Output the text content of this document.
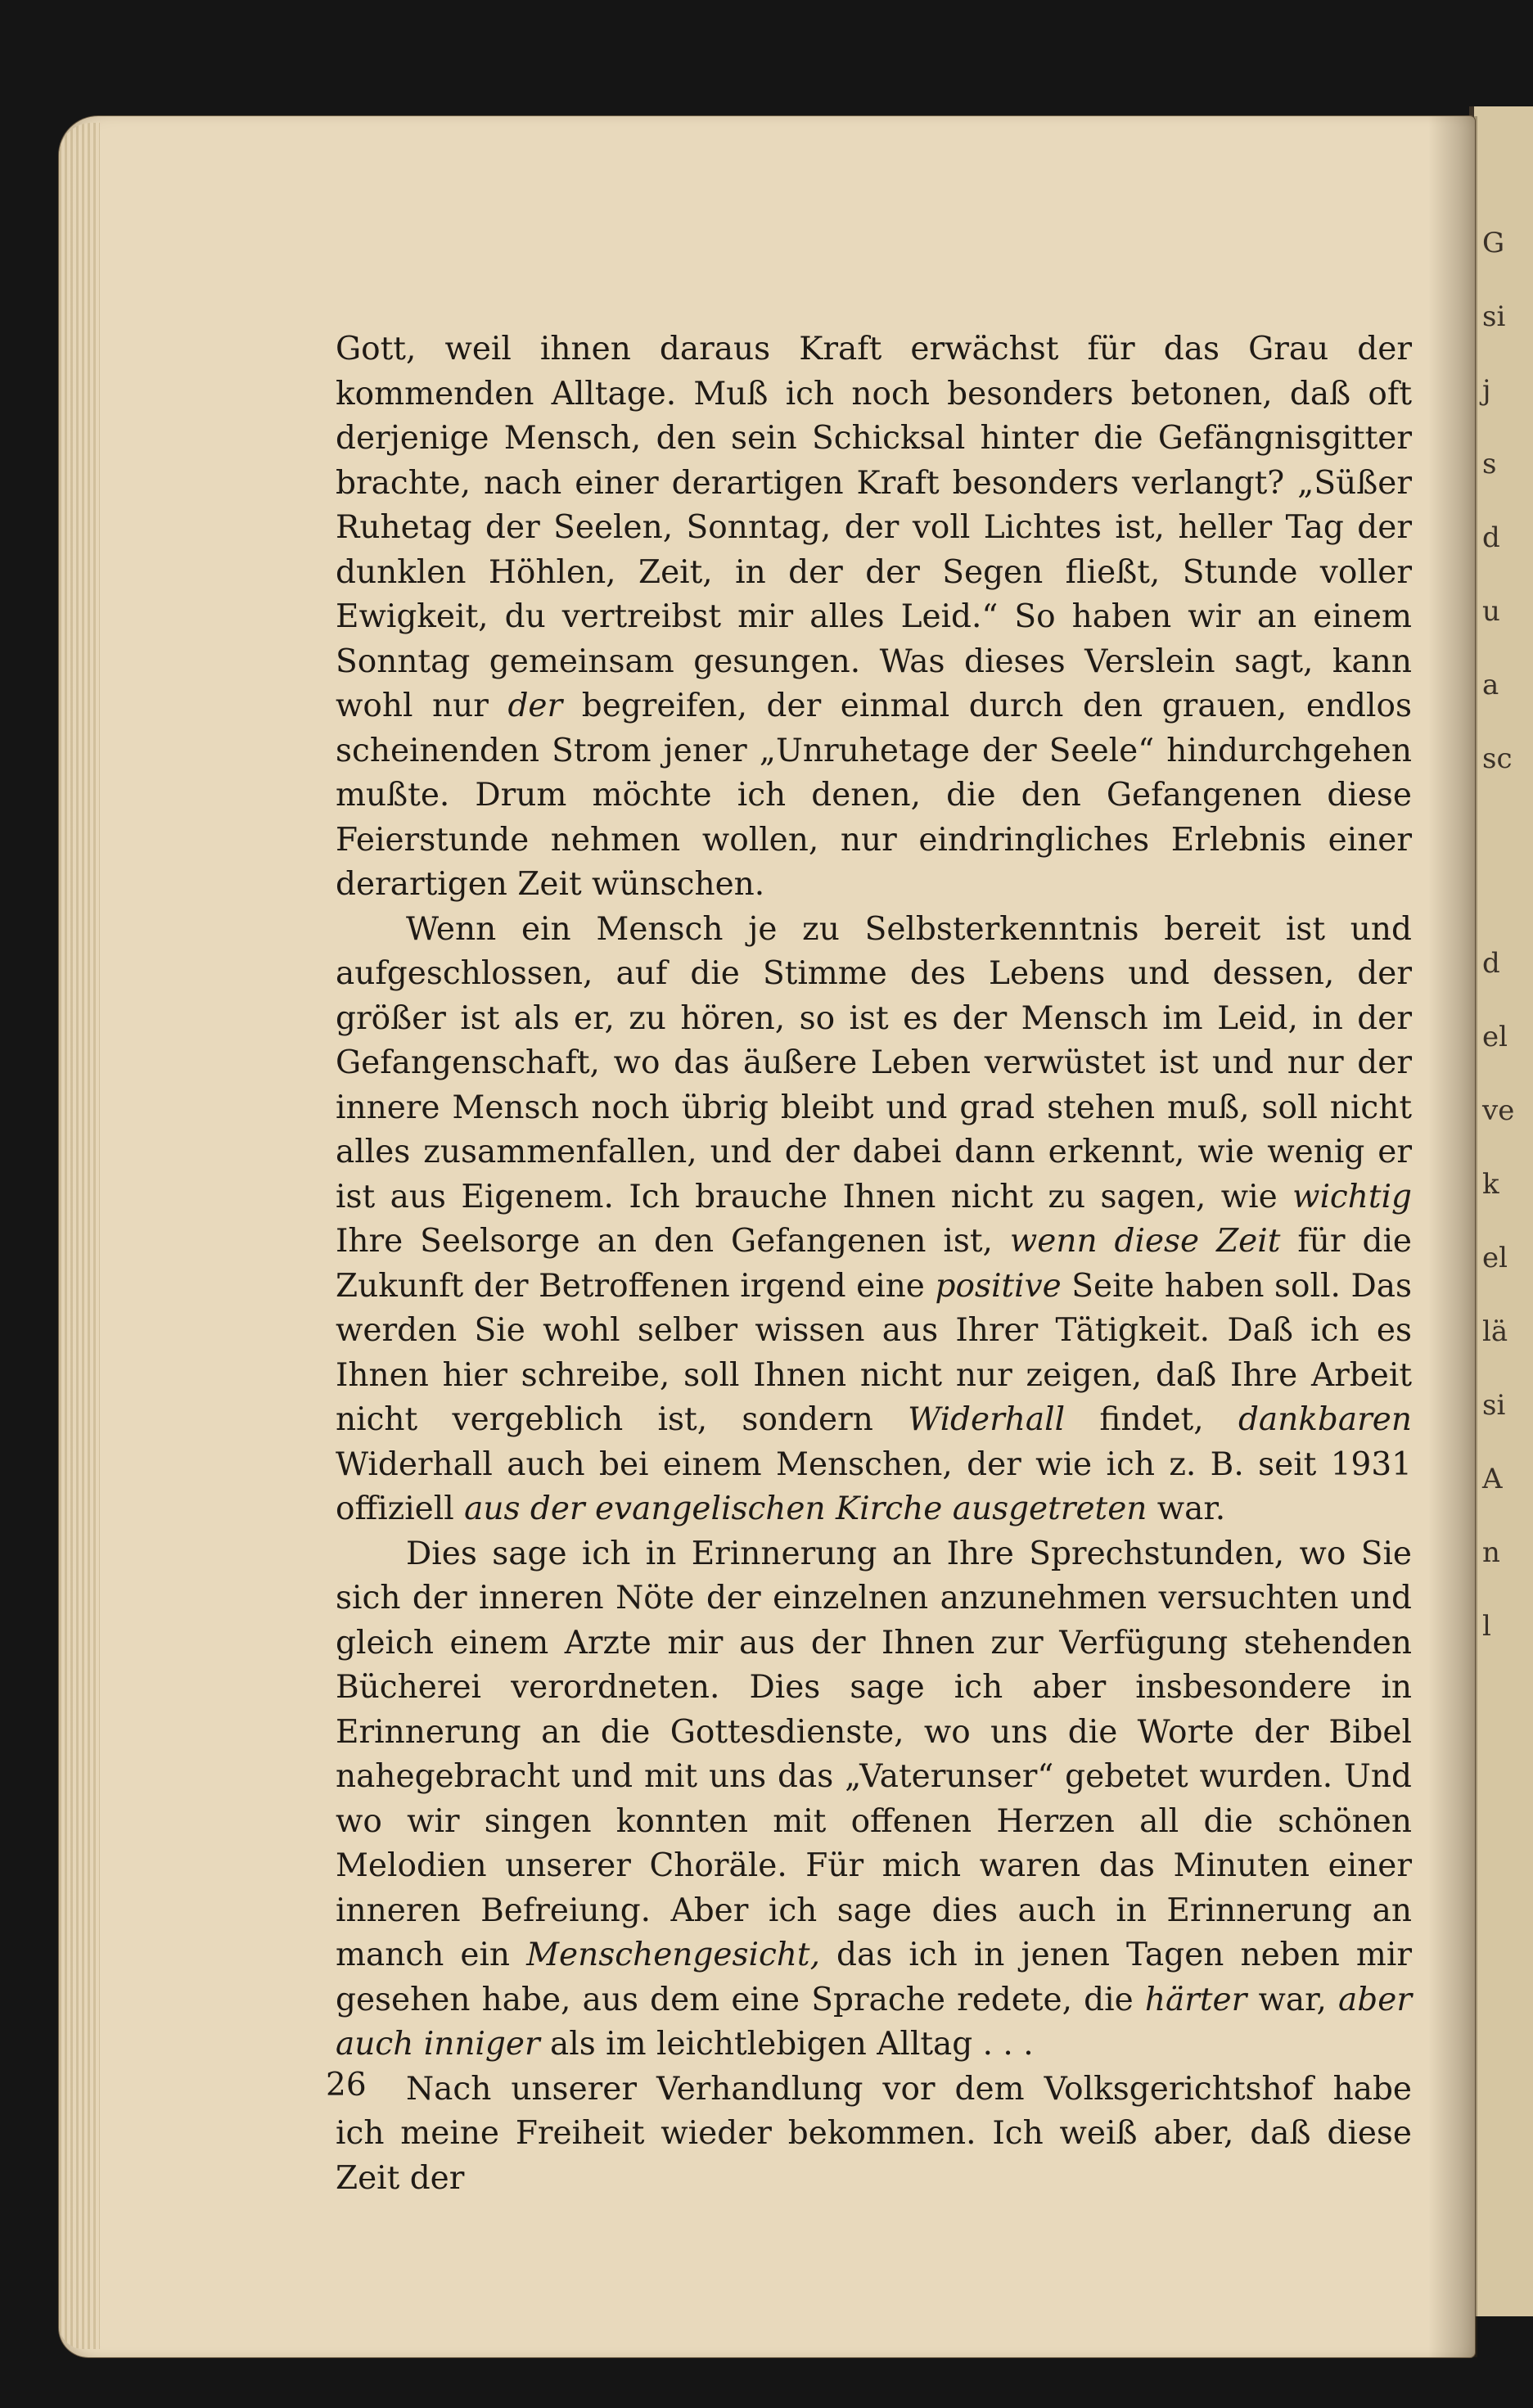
G
si
j
s
d
u
a
sc
d
el
ve
k
el
lä
si
A
n
l

Gott, weil ihnen daraus Kraft erwächst für das Grau der kommenden Alltage. Muß ich noch besonders betonen, daß oft derjenige Mensch, den sein Schicksal hinter die Gefängnisgitter brachte, nach einer derartigen Kraft besonders verlangt? „Süßer Ruhetag der Seelen, Sonntag, der voll Lichtes ist, heller Tag der dunklen Höhlen, Zeit, in der der Segen fließt, Stunde voller Ewigkeit, du vertreibst mir alles Leid.“ So haben wir an einem Sonntag gemeinsam gesungen. Was dieses Verslein sagt, kann wohl nur der begreifen, der einmal durch den grauen, endlos scheinenden Strom jener „Unruhetage der Seele“ hindurchgehen mußte. Drum möchte ich denen, die den Gefangenen diese Feierstunde nehmen wollen, nur eindringliches Erlebnis einer derartigen Zeit wünschen.

Wenn ein Mensch je zu Selbsterkenntnis bereit ist und aufgeschlossen, auf die Stimme des Lebens und dessen, der größer ist als er, zu hören, so ist es der Mensch im Leid, in der Gefangenschaft, wo das äußere Leben verwüstet ist und nur der innere Mensch noch übrig bleibt und grad stehen muß, soll nicht alles zusammenfallen, und der dabei dann erkennt, wie wenig er ist aus Eigenem. Ich brauche Ihnen nicht zu sagen, wie wichtig Ihre Seelsorge an den Gefangenen ist, wenn diese Zeit für die Zukunft der Betroffenen irgend eine positive Seite haben soll. Das werden Sie wohl selber wissen aus Ihrer Tätigkeit. Daß ich es Ihnen hier schreibe, soll Ihnen nicht nur zeigen, daß Ihre Arbeit nicht vergeblich ist, sondern Widerhall findet, dankbaren Widerhall auch bei einem Menschen, der wie ich z. B. seit 1931 offiziell aus der evangelischen Kirche ausgetreten war.

Dies sage ich in Erinnerung an Ihre Sprechstunden, wo Sie sich der inneren Nöte der einzelnen anzunehmen versuchten und gleich einem Arzte mir aus der Ihnen zur Verfügung stehenden Bücherei verordneten. Dies sage ich aber insbesondere in Erinnerung an die Gottesdienste, wo uns die Worte der Bibel nahegebracht und mit uns das „Vaterunser“ gebetet wurden. Und wo wir singen konnten mit offenen Herzen all die schönen Melodien unserer Choräle. Für mich waren das Minuten einer inneren Befreiung. Aber ich sage dies auch in Erinnerung an manch ein Menschengesicht, das ich in jenen Tagen neben mir gesehen habe, aus dem eine Sprache redete, die härter war, aber auch inniger als im leichtlebigen Alltag . . .

Nach unserer Verhandlung vor dem Volksgerichtshof habe ich meine Freiheit wieder bekommen. Ich weiß aber, daß diese Zeit der

26
